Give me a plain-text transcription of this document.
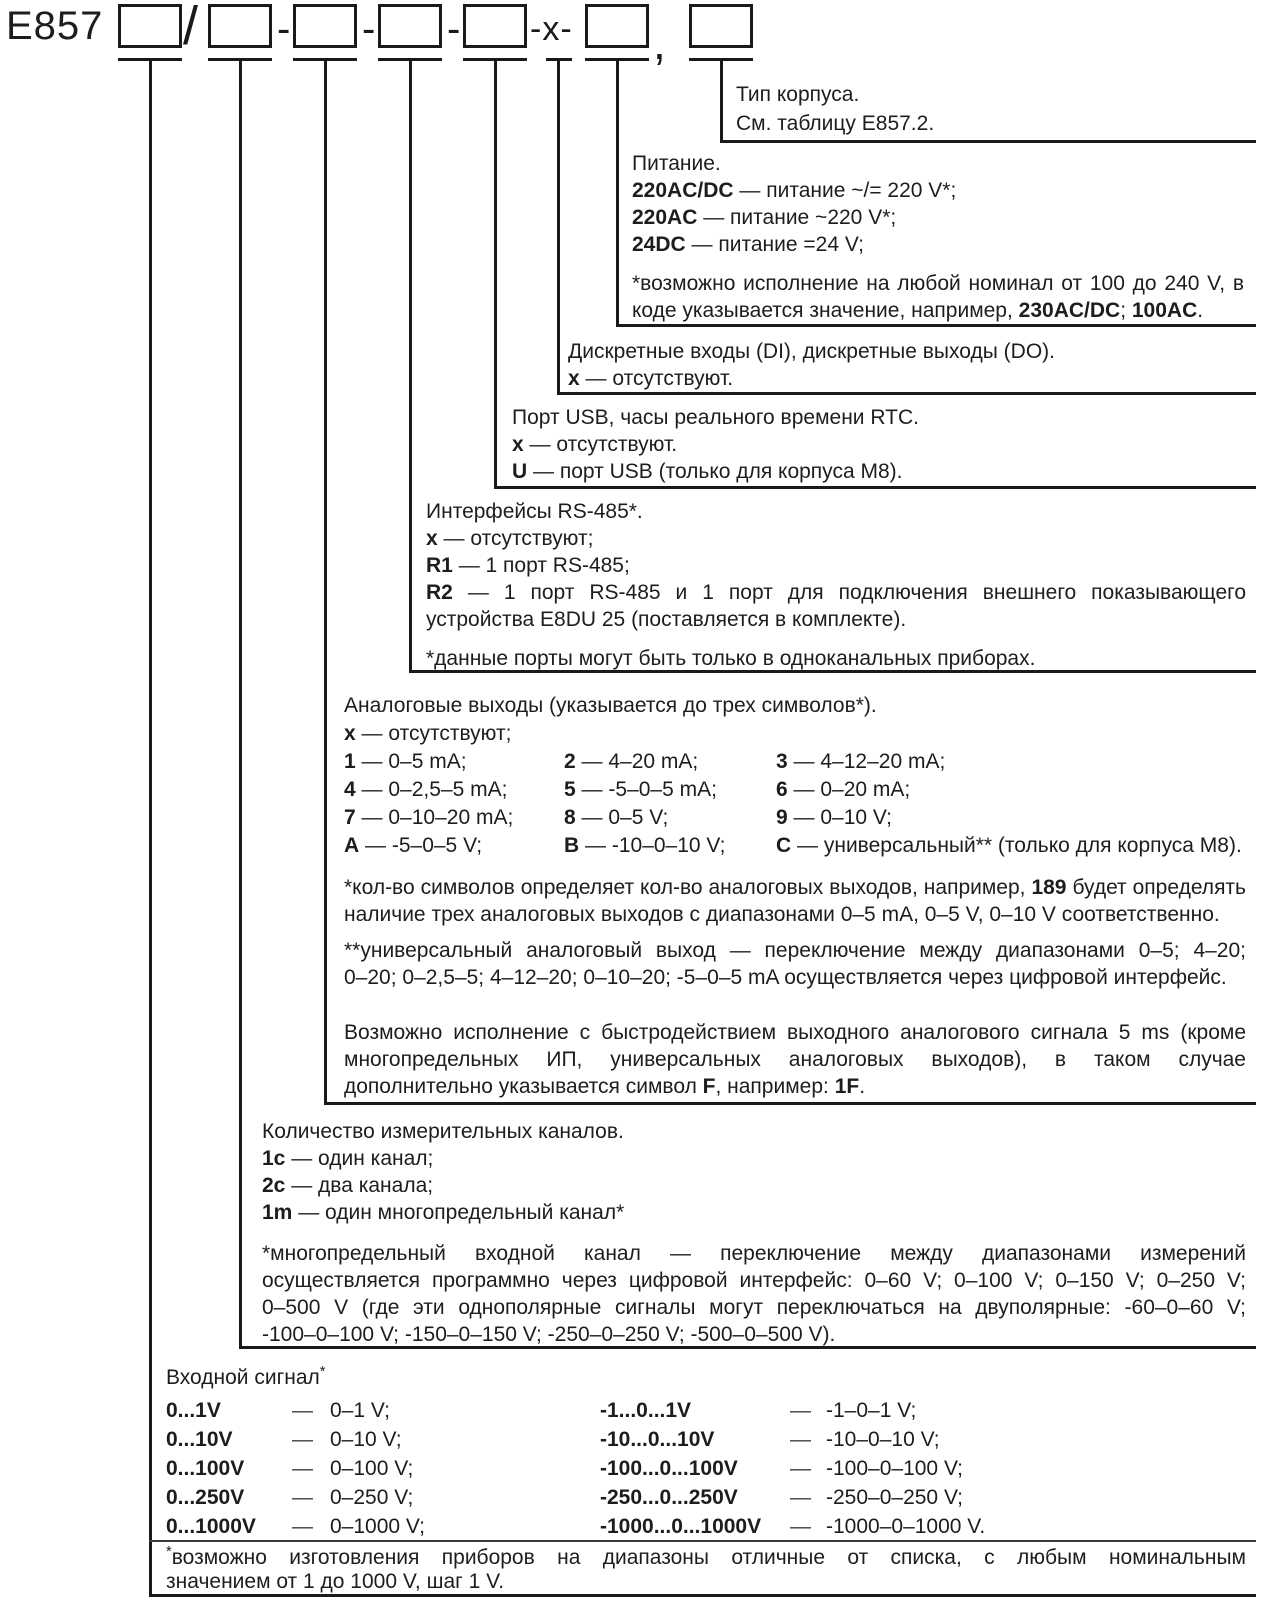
E857 / - - - -x- ,
Тип корпуса.
См. таблицу E857.2.
Питание.
220AC/DC — питание ~/= 220 V*;
220AC — питание ~220 V*;
24DC — питание =24 V;
*возможно исполнение на любой номинал от 100 до 240 V, в
коде указывается значение, например, 230AC/DC; 100AC.
Дискретные входы (DI), дискретные выходы (DO).
x — отсутствуют.
Порт USB, часы реального времени RTC.
x — отсутствуют.
U — порт USB (только для корпуса M8).
Интерфейсы RS-485*.
x — отсутствуют;
R1 — 1 порт RS-485;
R2 — 1 порт RS-485 и 1 порт для подключения внешнего показывающего
устройства E8DU 25 (поставляется в комплекте).
*данные порты могут быть только в одноканальных приборах.
Аналоговые выходы (указывается до трех символов*).
x — отсутствуют;
1 — 0–5 mA;	2 — 4–20 mA;	3 — 4–12–20 mA;
4 — 0–2,5–5 mA;	5 — -5–0–5 mA;	6 — 0–20 mA;
7 — 0–10–20 mA;	8 — 0–5 V;	9 — 0–10 V;
A — -5–0–5 V;	B — -10–0–10 V;	C — универсальный** (только для корпуса M8).
*кол-во символов определяет кол-во аналоговых выходов, например, 189 будет определять
наличие трех аналоговых выходов с диапазонами 0–5 mA, 0–5 V, 0–10 V соответственно.
**универсальный аналоговый выход — переключение между диапазонами 0–5; 4–20;
0–20; 0–2,5–5; 4–12–20; 0–10–20; -5–0–5 mA осуществляется через цифровой интерфейс.
Возможно исполнение с быстродействием выходного аналогового сигнала 5 ms (кроме
многопредельных ИП, универсальных аналоговых выходов), в таком случае
дополнительно указывается символ F, например: 1F.
Количество измерительных каналов.
1c — один канал;
2c — два канала;
1m — один многопредельный канал*
*многопредельный входной канал — переключение между диапазонами измерений
осуществляется программно через цифровой интерфейс: 0–60 V; 0–100 V; 0–150 V; 0–250 V;
0–500 V (где эти однополярные сигналы могут переключаться на двуполярные: -60–0–60 V;
-100–0–100 V; -150–0–150 V; -250–0–250 V; -500–0–500 V).
Входной сигнал*
0...1V	— 0–1 V;	-1...0...1V	— -1–0–1 V;
0...10V	— 0–10 V;	-10...0...10V	— -10–0–10 V;
0...100V	— 0–100 V;	-100...0...100V	— -100–0–100 V;
0...250V	— 0–250 V;	-250...0...250V	— -250–0–250 V;
0...1000V	— 0–1000 V;	-1000...0...1000V	— -1000–0–1000 V.
*возможно изготовления приборов на диапазоны отличные от списка, с любым номинальным
значением от 1 до 1000 V, шаг 1 V.
